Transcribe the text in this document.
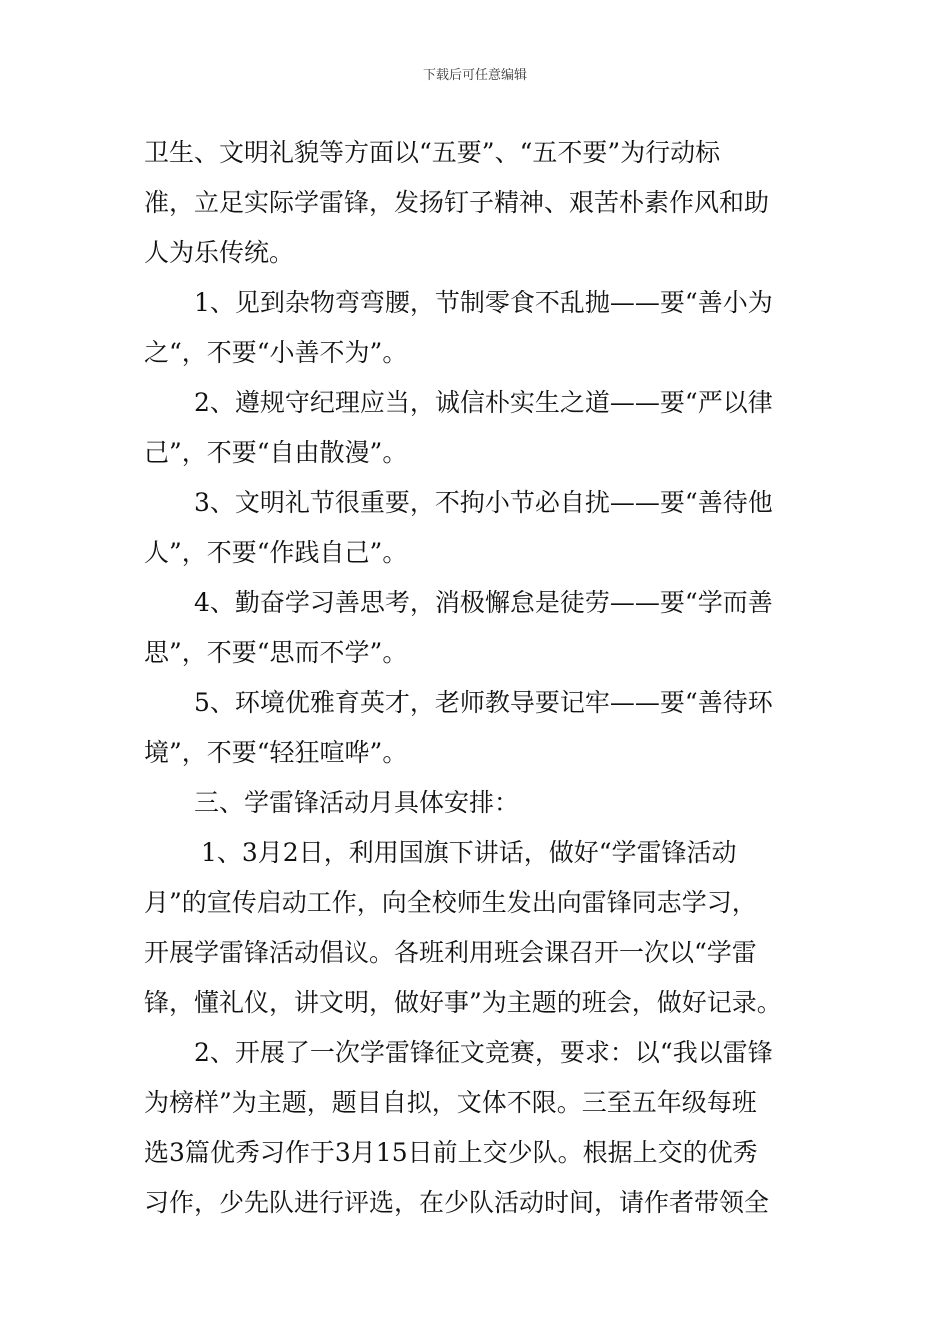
下载后可任意编辑
卫生、文明礼貌等方面以“五要”、“五不要”为行动标
准，立足实际学雷锋，发扬钉子精神、艰苦朴素作风和助
人为乐传统。
1、见到杂物弯弯腰，节制零食不乱抛——要“善小为
之“，不要“小善不为”。
2、遵规守纪理应当，诚信朴实生之道——要“严以律
己”，不要“自由散漫”。
3、文明礼节很重要，不拘小节必自扰——要“善待他
人”，不要“作践自己”。
4、勤奋学习善思考，消极懈怠是徒劳——要“学而善
思”，不要“思而不学”。
5、环境优雅育英才，老师教导要记牢——要“善待环
境”，不要“轻狂喧哗”。
三、学雷锋活动月具体安排：
1、3月2日，利用国旗下讲话，做好“学雷锋活动
月”的宣传启动工作，向全校师生发出向雷锋同志学习，
开展学雷锋活动倡议。各班利用班会课召开一次以“学雷
锋，懂礼仪，讲文明，做好事”为主题的班会，做好记录。
2、开展了一次学雷锋征文竞赛，要求：以“我以雷锋
为榜样”为主题，题目自拟，文体不限。三至五年级每班
选3篇优秀习作于3月15日前上交少队。根据上交的优秀
习作，少先队进行评选，在少队活动时间，请作者带领全
